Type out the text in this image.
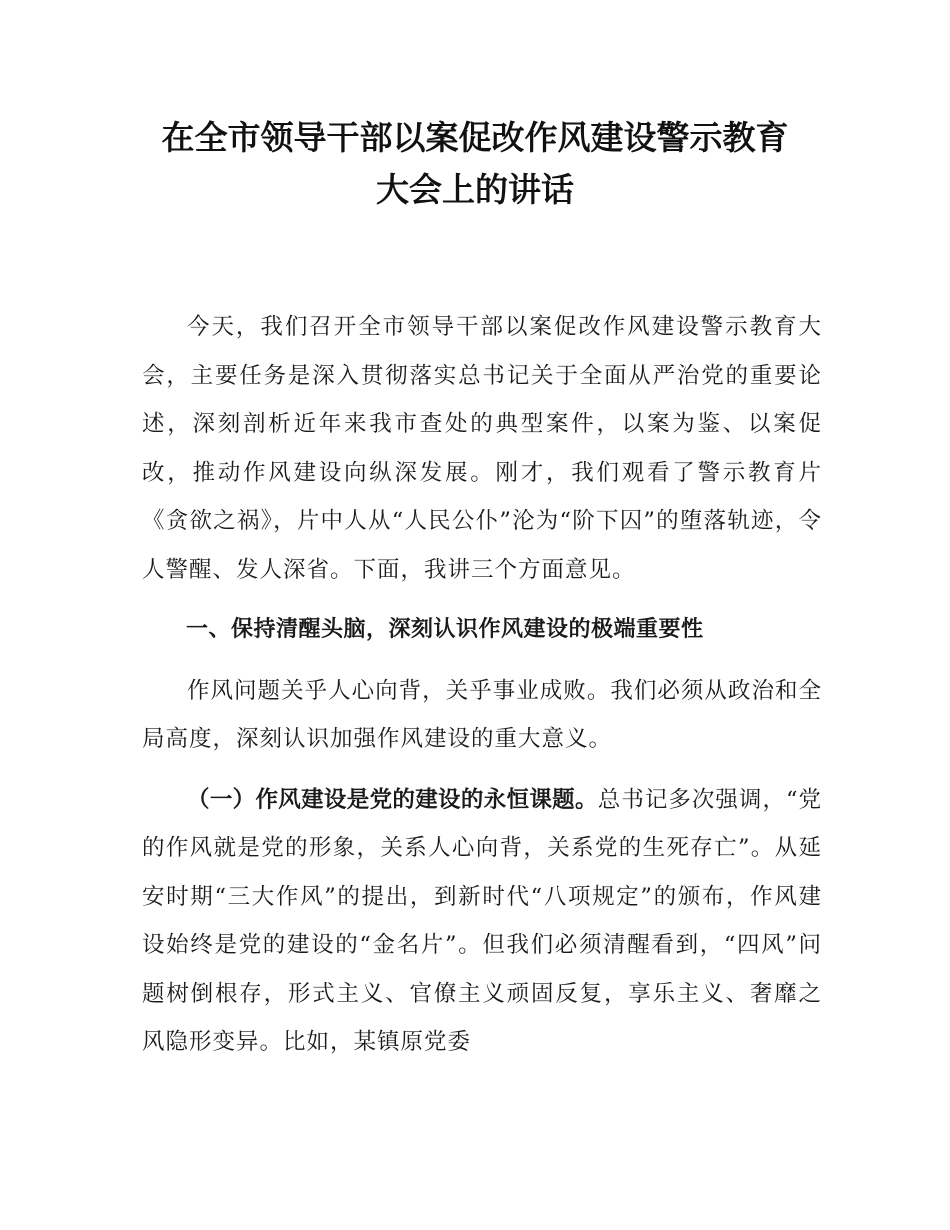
在全市领导干部以案促改作风建设警示教育
大会上的讲话

今天，我们召开全市领导干部以案促改作风建设警示教育大会，主要任务是深入贯彻落实总书记关于全面从严治党的重要论述，深刻剖析近年来我市查处的典型案件，以案为鉴、以案促改，推动作风建设向纵深发展。刚才，我们观看了警示教育片《贪欲之祸》，片中人从“人民公仆”沦为“阶下囚”的堕落轨迹，令人警醒、发人深省。下面，我讲三个方面意见。

一、保持清醒头脑，深刻认识作风建设的极端重要性

作风问题关乎人心向背，关乎事业成败。我们必须从政治和全局高度，深刻认识加强作风建设的重大意义。

（一）作风建设是党的建设的永恒课题。总书记多次强调，“党的作风就是党的形象，关系人心向背，关系党的生死存亡”。从延安时期“三大作风”的提出，到新时代“八项规定”的颁布，作风建设始终是党的建设的“金名片”。但我们必须清醒看到，“四风”问题树倒根存，形式主义、官僚主义顽固反复，享乐主义、奢靡之风隐形变异。比如，某镇原党委
